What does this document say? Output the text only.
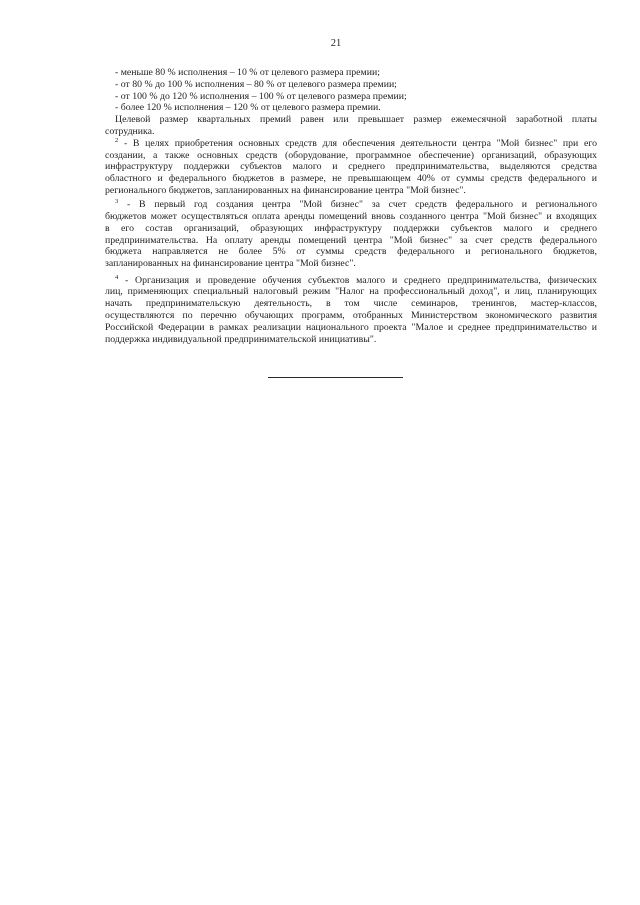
21
- меньше 80 % исполнения – 10 % от целевого размера премии;
- от 80 % до 100 % исполнения – 80 % от целевого размера премии;
- от 100 % до 120 % исполнения – 100 % от целевого размера премии;
- более 120 % исполнения – 120 % от целевого размера премии.
Целевой размер квартальных премий равен или превышает размер ежемесячной заработной платы
сотрудника.
$^2$ - В целях приобретения основных средств для обеспечения деятельности центра "Мой бизнес" при его
создании, а также основных средств (оборудование, программное обеспечение) организаций, образующих
инфраструктуру поддержки субъектов малого и среднего предпринимательства, выделяются средства
областного и федерального бюджетов в размере, не превышающем 40% от суммы средств федерального и
регионального бюджетов, запланированных на финансирование центра "Мой бизнес".
$^3$ - В первый год создания центра "Мой бизнес" за счет средств федерального и регионального
бюджетов может осуществляться оплата аренды помещений вновь созданного центра "Мой бизнес" и входящих
в его состав организаций, образующих инфраструктуру поддержки субъектов малого и среднего
предпринимательства. На оплату аренды помещений центра "Мой бизнес" за счет средств федерального
бюджета направляется не более 5% от суммы средств федерального и регионального бюджетов,
запланированных на финансирование центра "Мой бизнес".
$^4$ - Организация и проведение обучения субъектов малого и среднего предпринимательства, физических
лиц, применяющих специальный налоговый режим "Налог на профессиональный доход", и лиц, планирующих
начать предпринимательскую деятельность, в том числе семинаров, тренингов, мастер-классов,
осуществляются по перечню обучающих программ, отобранных Министерством экономического развития
Российской Федерации в рамках реализации национального проекта "Малое и среднее предпринимательство и
поддержка индивидуальной предпринимательской инициативы".
